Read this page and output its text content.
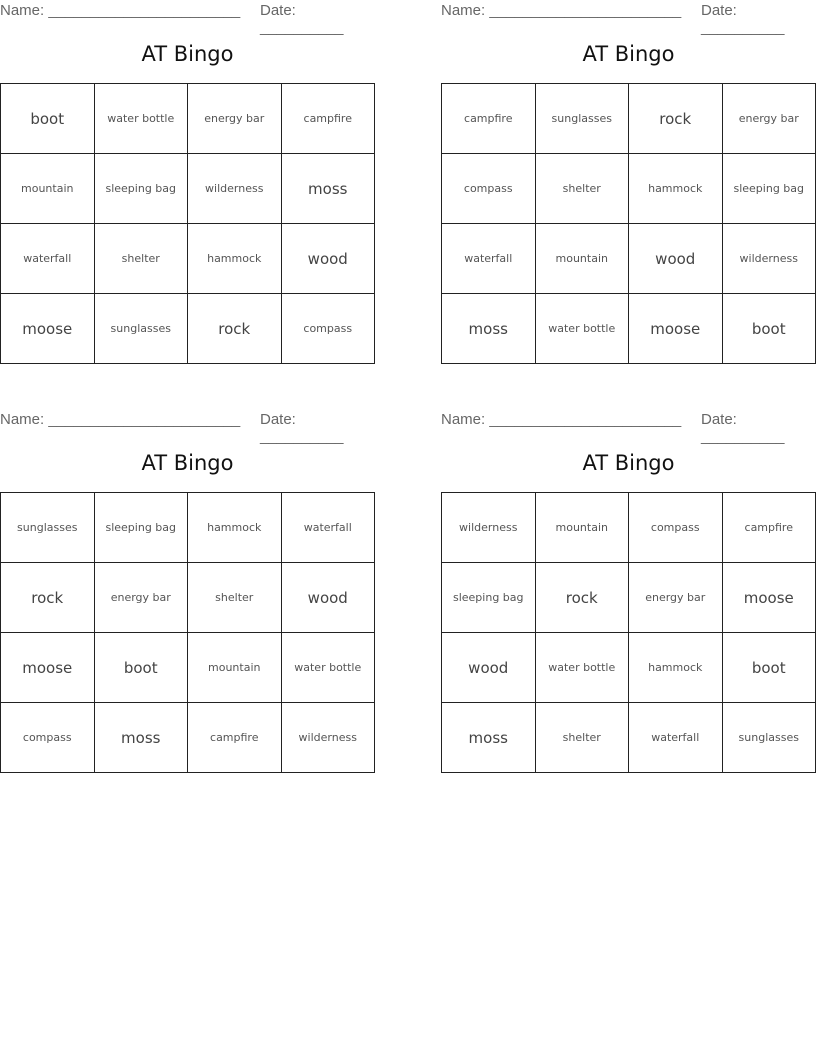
Name: _______________________ Date: __________
AT Bingo
boot	water bottle	energy bar	campfire
mountain	sleeping bag	wilderness	moss
waterfall	shelter	hammock	wood
moose	sunglasses	rock	compass
Name: _______________________ Date: __________
AT Bingo
campfire	sunglasses	rock	energy bar
compass	shelter	hammock	sleeping bag
waterfall	mountain	wood	wilderness
moss	water bottle	moose	boot
Name: _______________________ Date: __________
AT Bingo
sunglasses	sleeping bag	hammock	waterfall
rock	energy bar	shelter	wood
moose	boot	mountain	water bottle
compass	moss	campfire	wilderness
Name: _______________________ Date: __________
AT Bingo
wilderness	mountain	compass	campfire
sleeping bag	rock	energy bar	moose
wood	water bottle	hammock	boot
moss	shelter	waterfall	sunglasses
